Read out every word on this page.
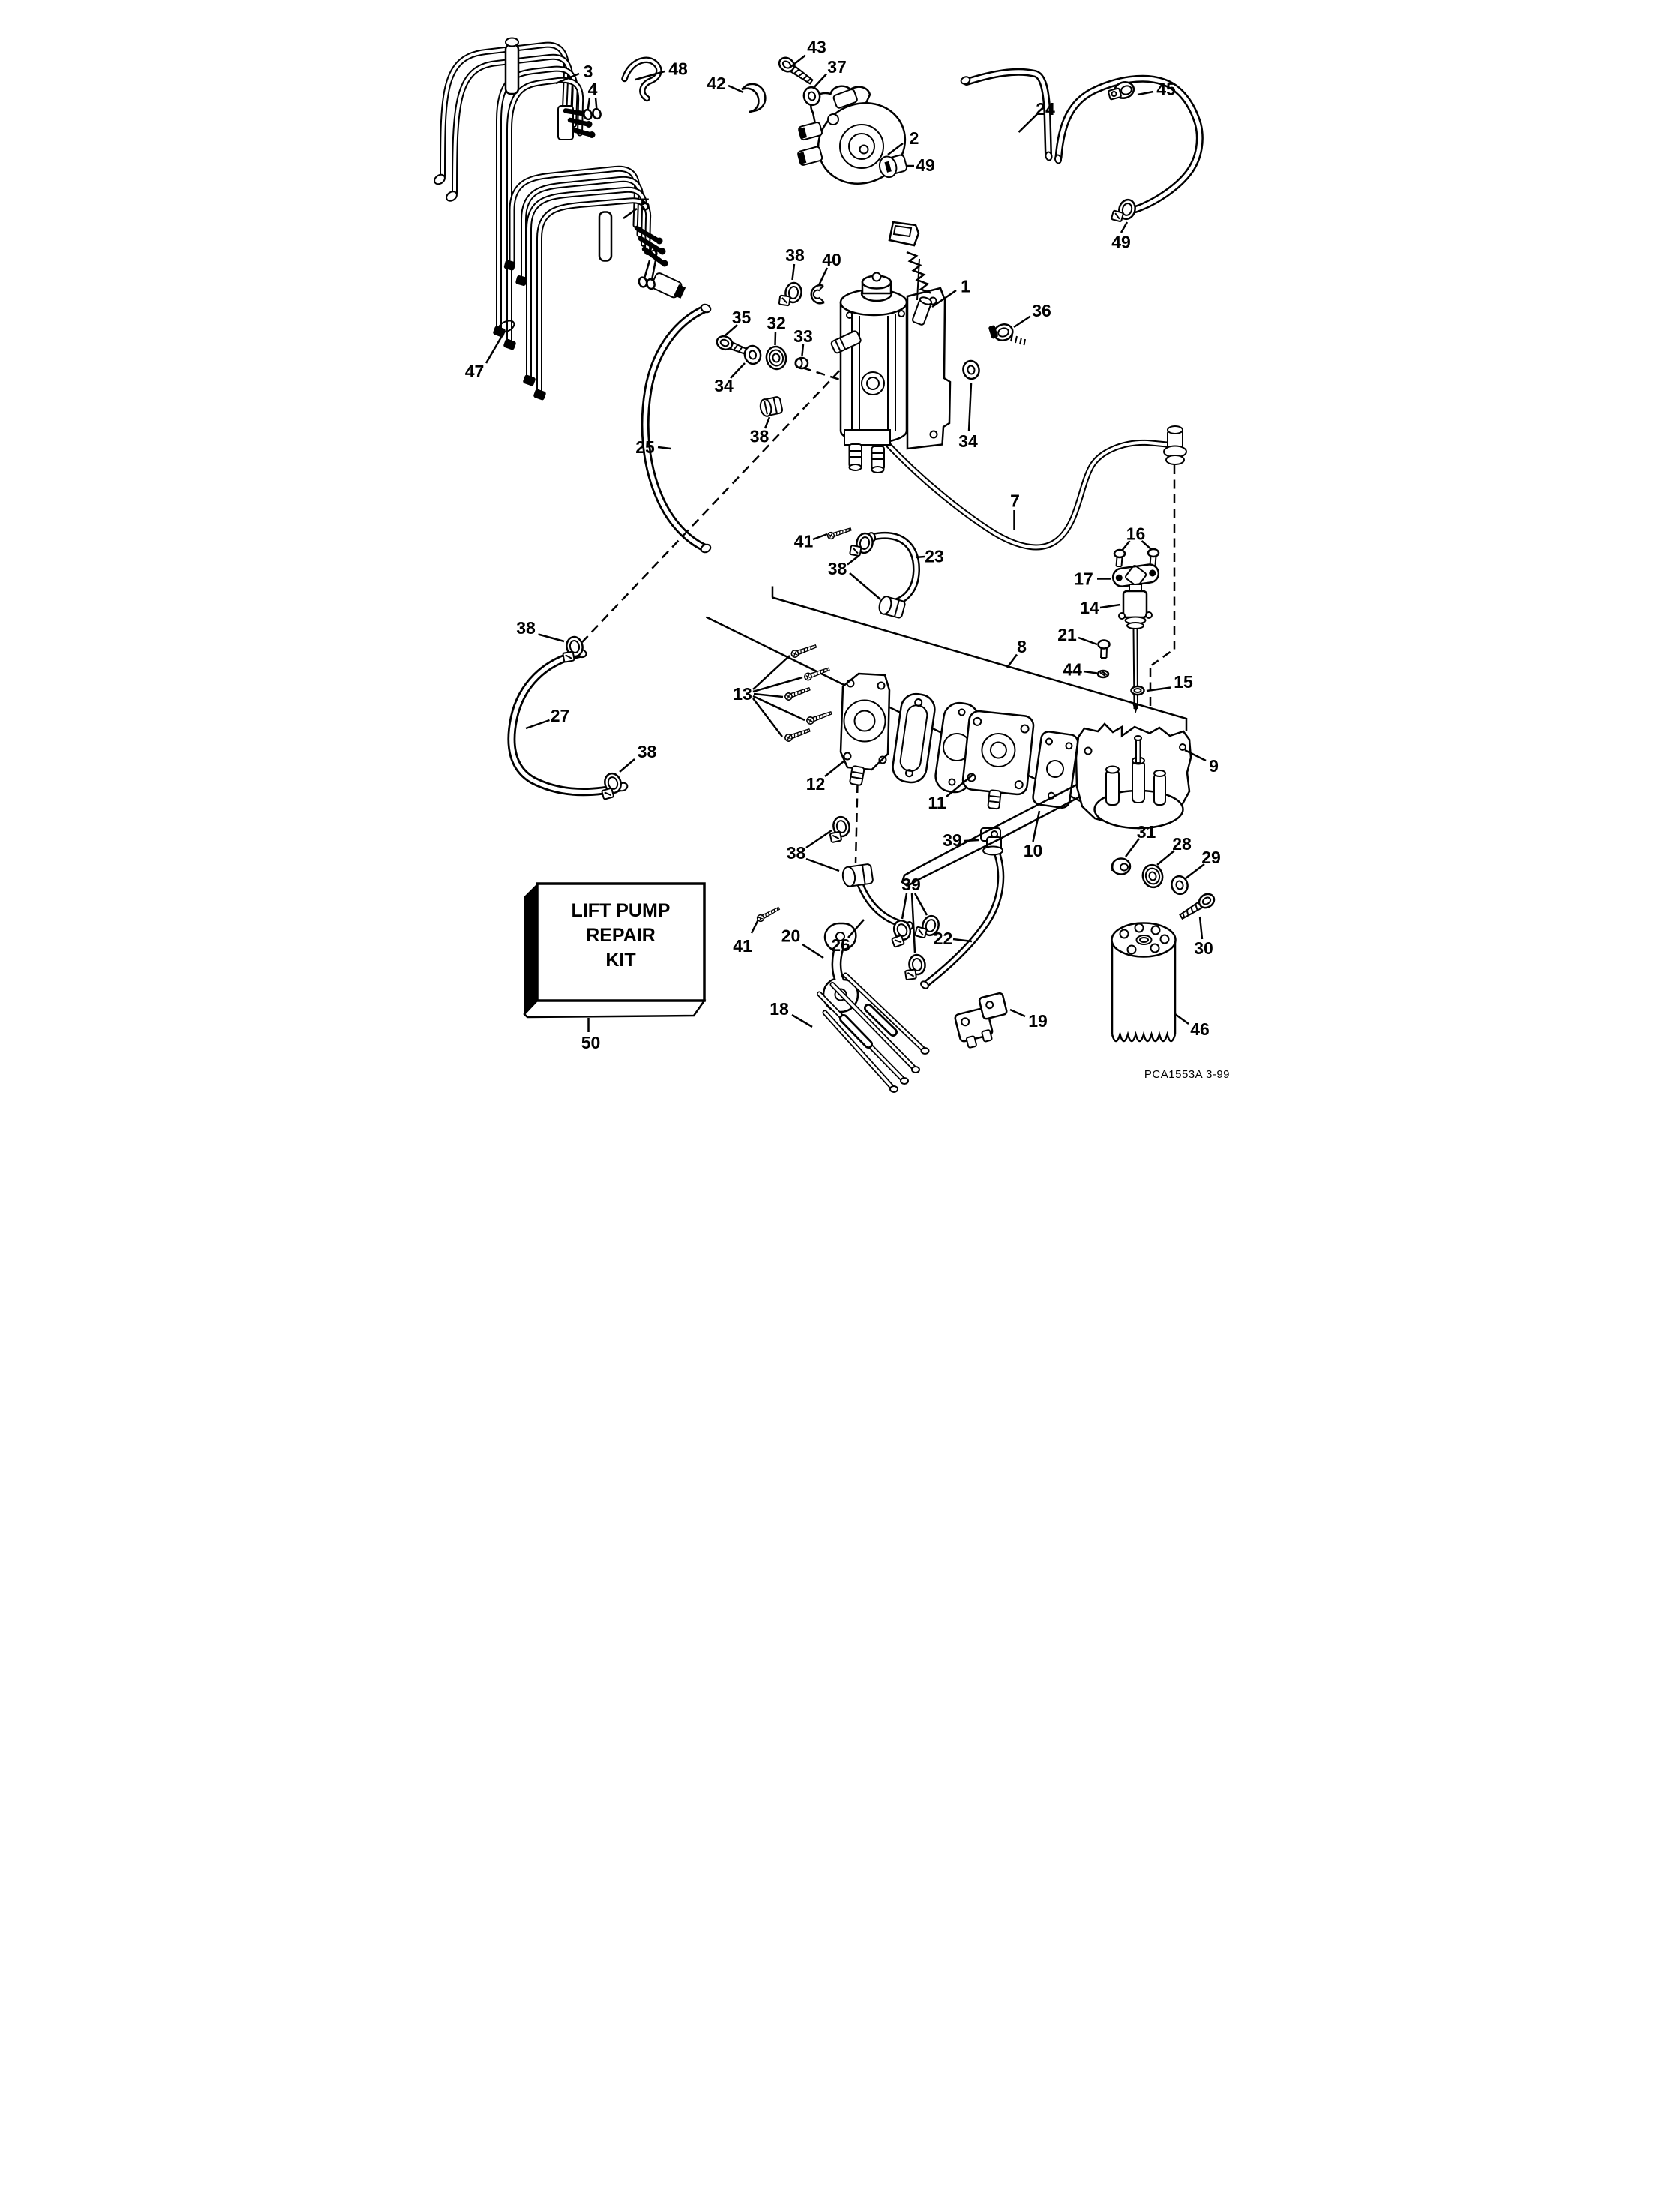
LIFT PUMP
REPAIR
KIT
PCA1553A 3-99
3 48
4
43
37
42
2
24
45
49
5
49
6	38 40
1
36
35 32
33
34
47
25	34
38
7
16
17
41
38
23
14
21
8
44
15
38
27
38
13
12
11
10
9
39
22
26
38
41
20
39
18
19
31
28
29
30
46
50
